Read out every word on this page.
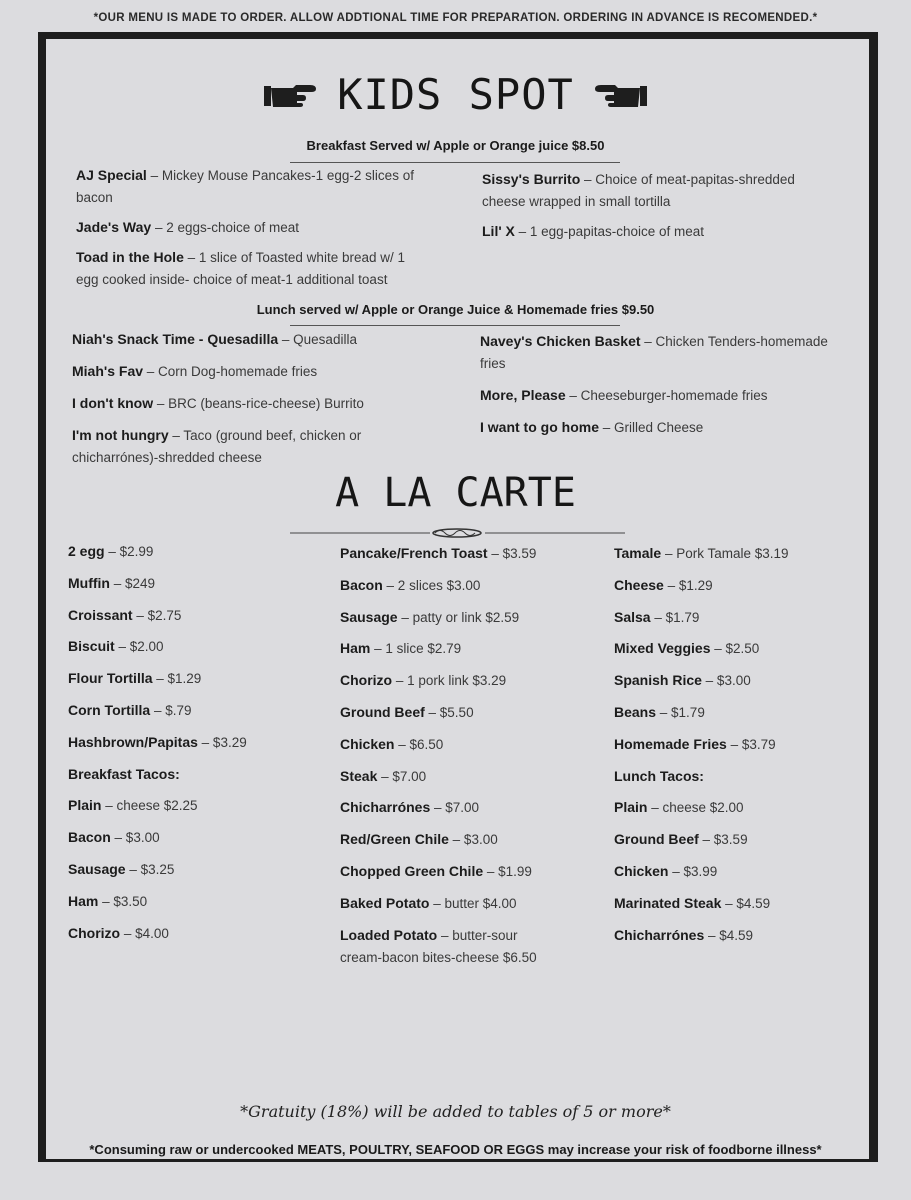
*OUR MENU IS MADE TO ORDER. ALLOW ADDTIONAL TIME FOR PREPARATION. ORDERING IN ADVANCE IS RECOMENDED.*
KIDS SPOT
Breakfast Served w/ Apple or Orange juice $8.50
AJ Special – Mickey Mouse Pancakes-1 egg-2 slices of
bacon
Jade's Way – 2 eggs-choice of meat
Toad in the Hole – 1 slice of Toasted white bread w/ 1
egg cooked inside- choice of meat-1 additional toast
Sissy's Burrito – Choice of meat-papitas-shredded
cheese wrapped in small tortilla
Lil' X – 1 egg-papitas-choice of meat
Lunch served w/ Apple or Orange Juice & Homemade fries $9.50
Niah's Snack Time - Quesadilla – Quesadilla
Miah's Fav – Corn Dog-homemade fries
I don't know – BRC (beans-rice-cheese) Burrito
I'm not hungry – Taco (ground beef, chicken or
chicharrónes)-shredded cheese
Navey's Chicken Basket – Chicken Tenders-homemade
fries
More, Please – Cheeseburger-homemade fries
I want to go home – Grilled Cheese
A LA CARTE
2 egg – $2.99
Muffin – $249
Croissant – $2.75
Biscuit – $2.00
Flour Tortilla – $1.29
Corn Tortilla – $.79
Hashbrown/Papitas – $3.29
Breakfast Tacos:
Plain – cheese $2.25
Bacon – $3.00
Sausage – $3.25
Ham – $3.50
Chorizo – $4.00
Pancake/French Toast – $3.59
Bacon – 2 slices $3.00
Sausage – patty or link $2.59
Ham – 1 slice $2.79
Chorizo – 1 pork link $3.29
Ground Beef – $5.50
Chicken – $6.50
Steak – $7.00
Chicharrónes – $7.00
Red/Green Chile – $3.00
Chopped Green Chile – $1.99
Baked Potato – butter $4.00
Loaded Potato – butter-sour
cream-bacon bites-cheese $6.50
Tamale – Pork Tamale $3.19
Cheese – $1.29
Salsa – $1.79
Mixed Veggies – $2.50
Spanish Rice – $3.00
Beans – $1.79
Homemade Fries – $3.79
Lunch Tacos:
Plain – cheese $2.00
Ground Beef – $3.59
Chicken – $3.99
Marinated Steak – $4.59
Chicharrónes – $4.59
*Gratuity (18%) will be added to tables of 5 or more*
*Consuming raw or undercooked MEATS, POULTRY, SEAFOOD OR EGGS may increase your risk of foodborne illness*
